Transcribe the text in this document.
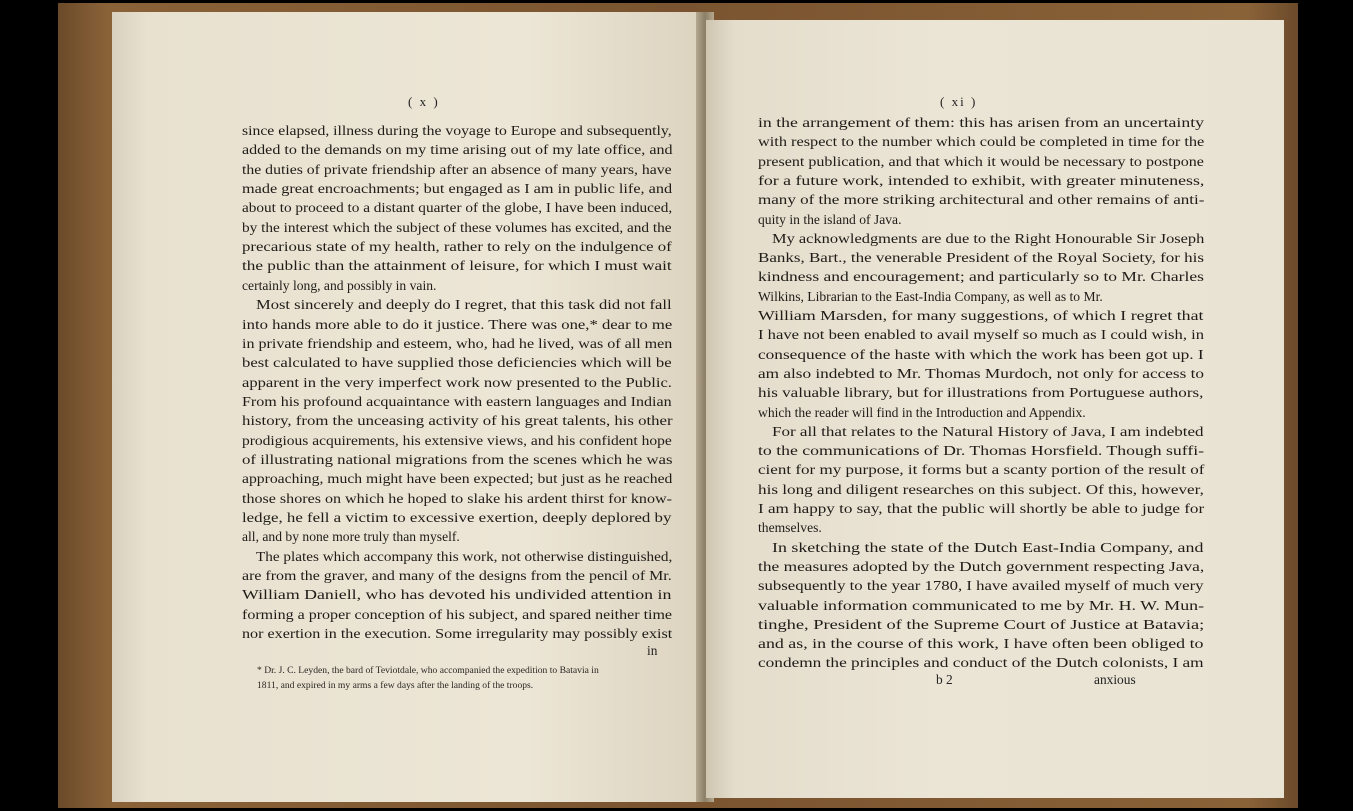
( x )
since elapsed, illness during the voyage to Europe and subsequently,
added to the demands on my time arising out of my late office, and
the duties of private friendship after an absence of many years, have
made great encroachments; but engaged as I am in public life, and
about to proceed to a distant quarter of the globe, I have been induced,
by the interest which the subject of these volumes has excited, and the
precarious state of my health, rather to rely on the indulgence of
the public than the attainment of leisure, for which I must wait
certainly long, and possibly in vain.
Most sincerely and deeply do I regret, that this task did not fall
into hands more able to do it justice. There was one,* dear to me
in private friendship and esteem, who, had he lived, was of all men
best calculated to have supplied those deficiencies which will be
apparent in the very imperfect work now presented to the Public.
From his profound acquaintance with eastern languages and Indian
history, from the unceasing activity of his great talents, his other
prodigious acquirements, his extensive views, and his confident hope
of illustrating national migrations from the scenes which he was
approaching, much might have been expected; but just as he reached
those shores on which he hoped to slake his ardent thirst for know-
ledge, he fell a victim to excessive exertion, deeply deplored by
all, and by none more truly than myself.
The plates which accompany this work, not otherwise distinguished,
are from the graver, and many of the designs from the pencil of Mr.
William Daniell, who has devoted his undivided attention in
forming a proper conception of his subject, and spared neither time
nor exertion in the execution. Some irregularity may possibly exist
in
* Dr. J. C. Leyden, the bard of Teviotdale, who accompanied the expedition to Batavia in
1811, and expired in my arms a few days after the landing of the troops.
( xi )
in the arrangement of them: this has arisen from an uncertainty
with respect to the number which could be completed in time for the
present publication, and that which it would be necessary to postpone
for a future work, intended to exhibit, with greater minuteness,
many of the more striking architectural and other remains of anti-
quity in the island of Java.
My acknowledgments are due to the Right Honourable Sir Joseph
Banks, Bart., the venerable President of the Royal Society, for his
kindness and encouragement; and particularly so to Mr. Charles
Wilkins, Librarian to the East-India Company, as well as to Mr.
William Marsden, for many suggestions, of which I regret that
I have not been enabled to avail myself so much as I could wish, in
consequence of the haste with which the work has been got up. I
am also indebted to Mr. Thomas Murdoch, not only for access to
his valuable library, but for illustrations from Portuguese authors,
which the reader will find in the Introduction and Appendix.
For all that relates to the Natural History of Java, I am indebted
to the communications of Dr. Thomas Horsfield. Though suffi-
cient for my purpose, it forms but a scanty portion of the result of
his long and diligent researches on this subject. Of this, however,
I am happy to say, that the public will shortly be able to judge for
themselves.
In sketching the state of the Dutch East-India Company, and
the measures adopted by the Dutch government respecting Java,
subsequently to the year 1780, I have availed myself of much very
valuable information communicated to me by Mr. H. W. Mun-
tinghe, President of the Supreme Court of Justice at Batavia;
and as, in the course of this work, I have often been obliged to
condemn the principles and conduct of the Dutch colonists, I am
b 2	anxious
